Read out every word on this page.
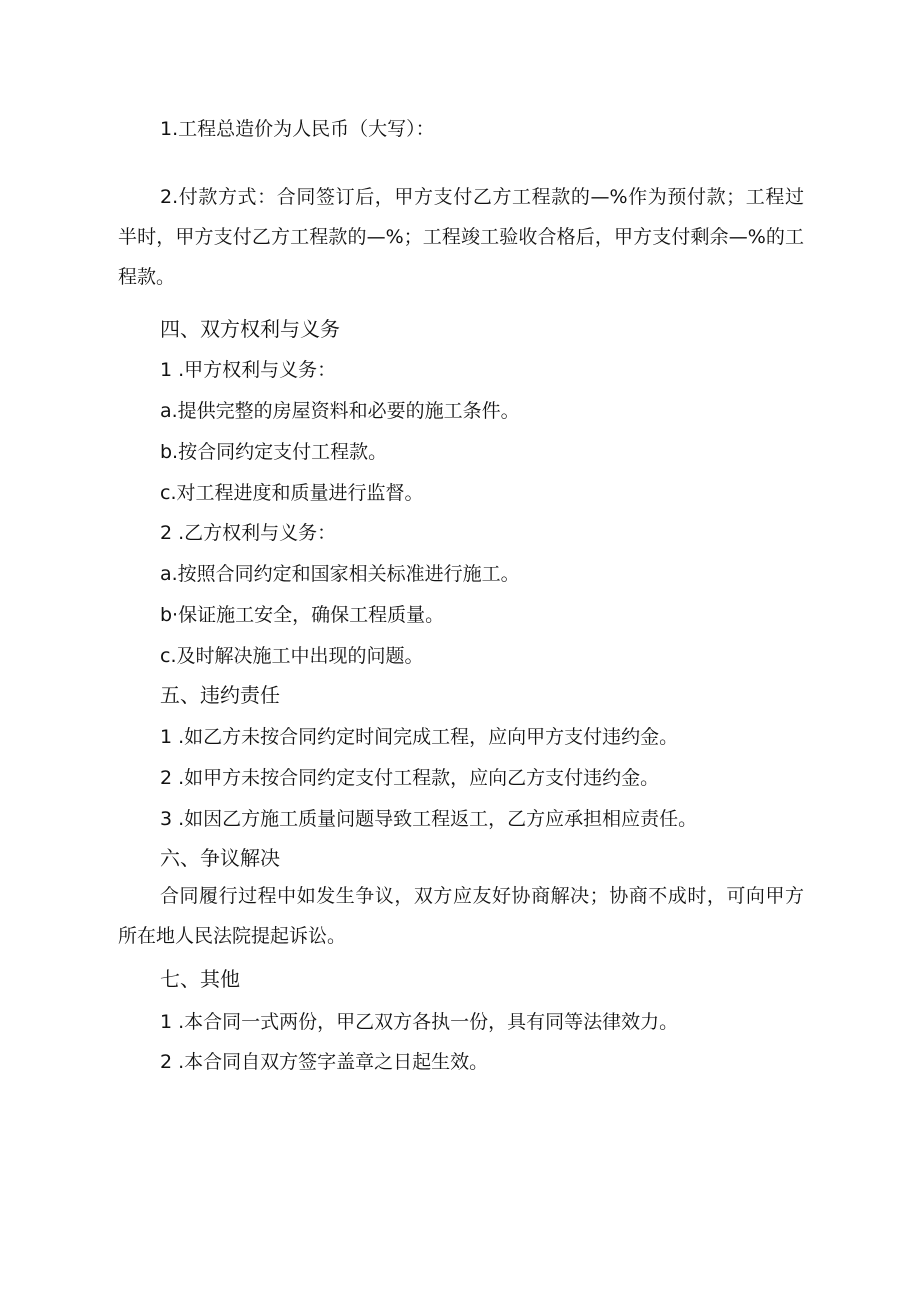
1.工程总造价为人民币（大写）：

2.付款方式：合同签订后，甲方支付乙方工程款的—%作为预付款；工程过半时，甲方支付乙方工程款的—%；工程竣工验收合格后，甲方支付剩余—%的工程款。

四、双方权利与义务

1 .甲方权利与义务：

a.提供完整的房屋资料和必要的施工条件。

b.按合同约定支付工程款。

c.对工程进度和质量进行监督。

2 .乙方权利与义务：

a.按照合同约定和国家相关标准进行施工。

b·保证施工安全，确保工程质量。

c.及时解决施工中出现的问题。

五、违约责任

1 .如乙方未按合同约定时间完成工程，应向甲方支付违约金。

2 .如甲方未按合同约定支付工程款，应向乙方支付违约金。

3 .如因乙方施工质量问题导致工程返工，乙方应承担相应责任。

六、争议解决

合同履行过程中如发生争议，双方应友好协商解决；协商不成时，可向甲方所在地人民法院提起诉讼。

七、其他

1 .本合同一式两份，甲乙双方各执一份，具有同等法律效力。

2 .本合同自双方签字盖章之日起生效。
